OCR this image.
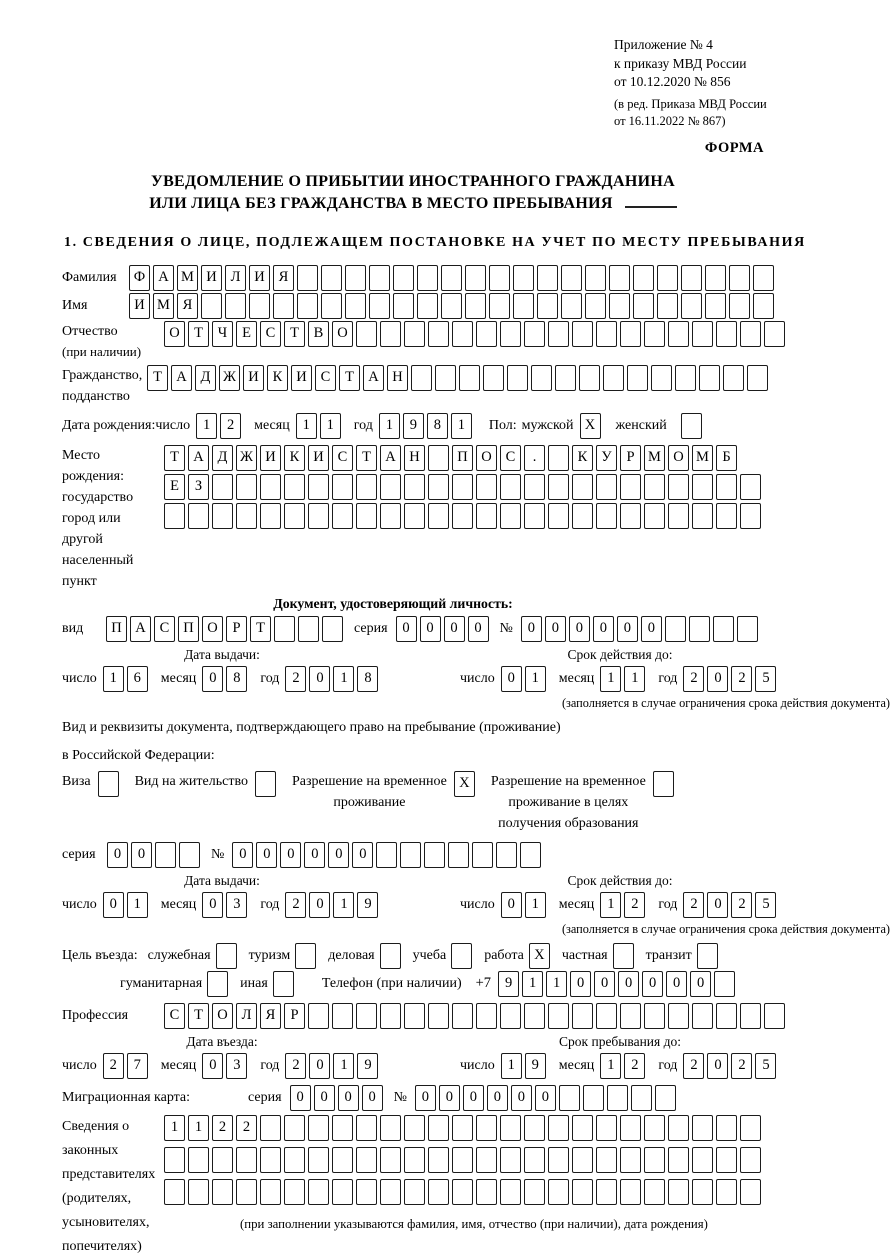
Приложение № 4
к приказу МВД России
от 10.12.2020 № 856
(в ред. Приказа МВД России
от 16.11.2022 № 867)
ФОРМА
УВЕДОМЛЕНИЕ О ПРИБЫТИИ ИНОСТРАННОГО ГРАЖДАНИНА
ИЛИ ЛИЦА БЕЗ ГРАЖДАНСТВА В МЕСТО ПРЕБЫВАНИЯ
1. СВЕДЕНИЯ О ЛИЦЕ, ПОДЛЕЖАЩЕМ ПОСТАНОВКЕ НА УЧЕТ ПО МЕСТУ ПРЕБЫВАНИЯ
Фамилия	Ф А М И Л И Я
Имя	И М Я
Отчество
(при наличии)
О Т	Ч	Е	С	Т	В О
Гражданство,
подданство
Т А Д Ж И К И С	Т А Н
Дата рождения: число 1	2	месяц 1	1	год 1	9	8	1	Пол: мужской X	женский
Место рождения:
государство
город или другой
населенный пункт
Т А Д Ж И К И С	Т А Н	П О С	.	К У	Р М О М Б
Е	З
Документ, удостоверяющий личность:
вид	П А С П О	Р	Т	серия	0	0	0	0	№	0	0	0	0	0	0
Дата выдачи:
число 1	6	месяц 0	8	год 2	0	1	8
Срок действия до:
число 0	1	месяц 1	1	год 2	0	2	5
(заполняется в случае ограничения срока действия документа)
Вид и реквизиты документа, подтверждающего право на пребывание (проживание)
в Российской Федерации:
Виза	Вид на жительство	Разрешение на временное
проживание
X	Разрешение на временное
проживание в целях
получения образования
серия	0	0	№	0	0	0	0	0	0
Дата выдачи:
число 0	1	месяц 0	3	год 2	0	1	9
Срок действия до:
число 0	1	месяц 1	2	год 2	0	2	5
(заполняется в случае ограничения срока действия документа)
Цель въезда: служебная	туризм	деловая	учеба	работа X	частная	транзит
гуманитарная	иная	Телефон (при наличии) +7 9	1	1	0	0	0	0	0	0
Профессия	С	Т О Л Я	Р
Дата въезда:
число 2	7	месяц 0	3	год 2	0	1	9
Срок пребывания до:
число 1	9	месяц 1	2	год 2	0	2	5
Миграционная карта:	серия	0	0	0	0	№	0	0	0	0	0	0
Сведения о
законных
представителях
(родителях,
усыновителях,
попечителях)
1	1	2	2
(при заполнении указываются фамилия, имя, отчество (при наличии), дата рождения)
